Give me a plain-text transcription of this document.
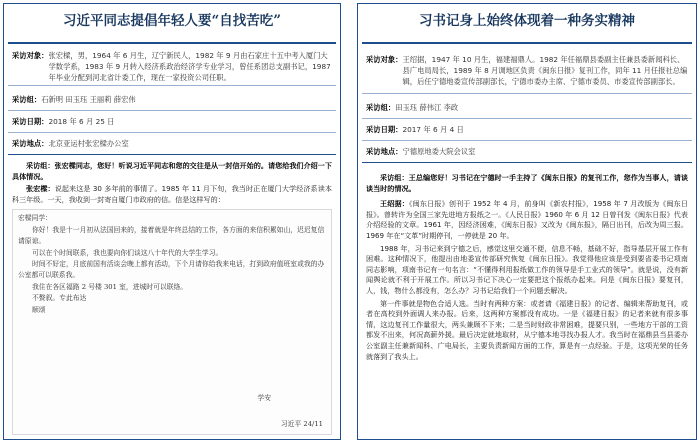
习近平同志提倡年轻人要“自找苦吃”
采访对象： 张宏樑，男，1964 年 6 月生，辽宁新民人，1982 年 9 月由石家庄十五中考入厦门大学数学系，1983 年 9 月转入经济系政治经济学专业学习，曾任系团总支副书记，1987 年毕业分配到河北省计委工作，现在一家投资公司任职。
采访组： 石新明 田玉珏 王丽莉 薛宏伟
采访日期： 2018 年 6 月 25 日
采访地点： 北京亚运村张宏樑办公室

采访组：张宏樑同志，您好！听说习近平同志和您的交往是从一封信开始的。请您给我们介绍一下具体情况。

张宏樑：说起来这是 30 多年前的事情了。1985 年 11 月下旬，我当时正在厦门大学经济系读本科三年级。一天，我收到一封寄自厦门市政府的信。信是这样写的：

宏樑同学：
你好！我是十一月初从法国回来的，接着就是年终总结的工作，各方面的来信积累如山，迟迟复信请原谅。
可以在个时间联系，我也要向你们谈这八十年代的大学生学习。
时间不好定，月底前国有活谈会晚上都有活动，下个月请你给我来电话，打到政府值班室或我的办公室都可以联系我。
我住在各区福路 2 号楼 301 室，进城时可以联络。
不赘叙。专此布达
顺颂
学安
习近平 24/11
习书记身上始终体现着一种务实精神
采访对象： 王绍据，1947 年 10 月生，福建福鼎人。1982 年任福鼎县委副主任兼县委新闻科长、县广电局局长，1989 年 8 月调地区负责《闽东日报》复刊工作，同年 11 月任报社总编辑，后任宁德地委宣传部副部长，宁德市委办主席、宁德市委员、市委宣传部副部长。
采访组： 田玉珏 薛伟江 李政
采访日期： 2017 年 6 月 4 日
采访地点： 宁德原地委大院会议室

采访组：王总编您好！习书记在宁德时一手主持了《闽东日报》的复刊工作，您作为当事人，请谈谈当时的情况。

王绍据：《闽东日报》创刊于 1952 年 4 月，前身叫《新农村报》，1958 年 7 月改版为《闽东日报》。曾转许为全国三家先进地方报纸之一。《人民日报》1960 年 6 月 12 日曾刊发《闽东日报》代表介绍经验的文章。1961 年，因经济困难，《闽东日报》又改为《闽东报》，隔日出刊，后改为周三报。1969 年在“文革”时期停刊，一停就是 20 年。

1988 年，习书记来到宁德之后，感觉这里交通不便，信息不畅，基础不好，指导基层开展工作有困难。这种情况下，他提出由地委宣传部研究恢复《闽东日报》。我觉得他应该是受到要省委书记项南同志影响，项南书记有一句名言：“不懂得利用报纸做工作的领导是手工业式的领导”。就是说，没有新闻舆论就不利于开展工作。所以习书记下决心一定要把这个报纸办起来。问是《闽东日报》要复刊，人，钱，物什么都没有，怎么办？习书记给我们一个问题丢解决。

第一件事就是物色合适人选。当时有两种方案：或者请《福建日报》的记者、编辑来帮助复刊，或者在高校到外面调人来办报。后来，这两种方案都没有成功。一是《福建日报》的记者来就有很多事情，这边复刊工作量很大，两头兼顾不下来；二是当时财政非常困难，提要只别，一些地方干部的工资都发不出来，何况高薪外援。最后决定就地取材，从宁德本地寻找办报人才。我当时在福鼎县当县委办公室副主任兼新闻科、广电局长，主要负责新闻方面的工作，算是有一点经验。于是，这项光荣的任务就落到了我头上。
